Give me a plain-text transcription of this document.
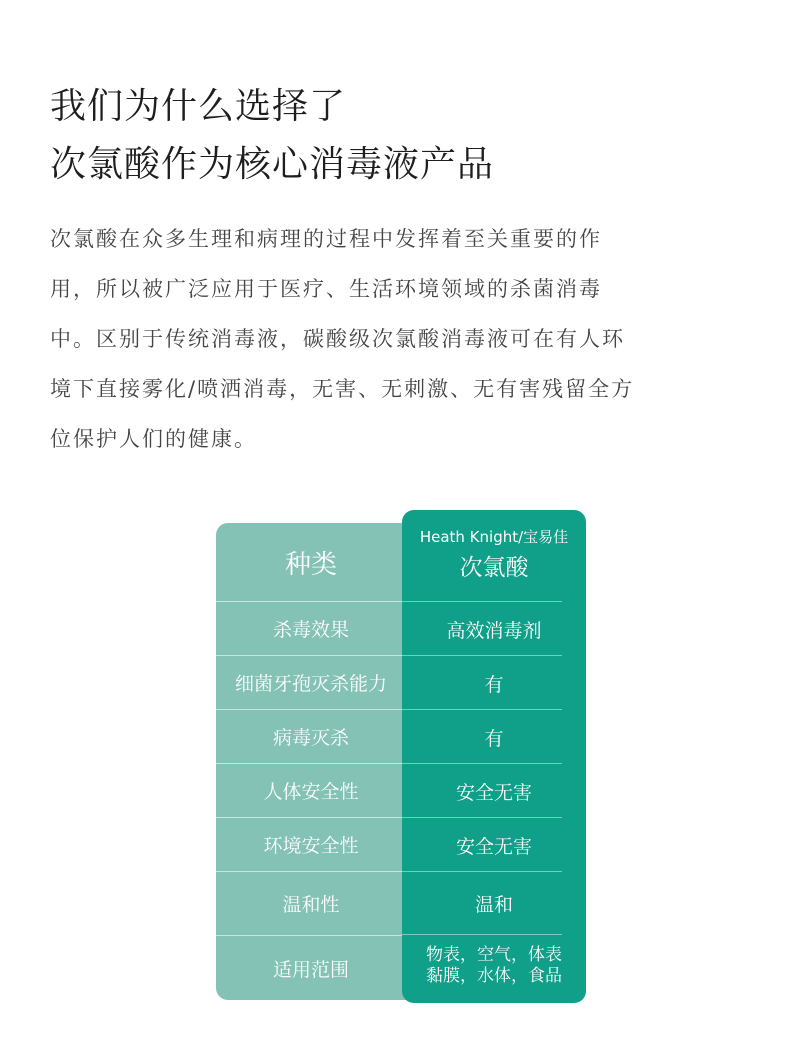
我们为什么选择了
次氯酸作为核心消毒液产品

次氯酸在众多生理和病理的过程中发挥着至关重要的作

用，所以被广泛应用于医疗、生活环境领域的杀菌消毒

中。区别于传统消毒液，碳酸级次氯酸消毒液可在有人环

境下直接雾化/喷洒消毒，无害、无刺激、无有害残留全方

位保护人们的健康。

种类
杀毒效果
细菌牙孢灭杀能力
病毒灭杀
人体安全性
环境安全性
温和性
适用范围
Heath Knight/宝易佳
次氯酸
高效消毒剂
有
有
安全无害
安全无害
温和
物表，空气，体表
黏膜，水体，食品
